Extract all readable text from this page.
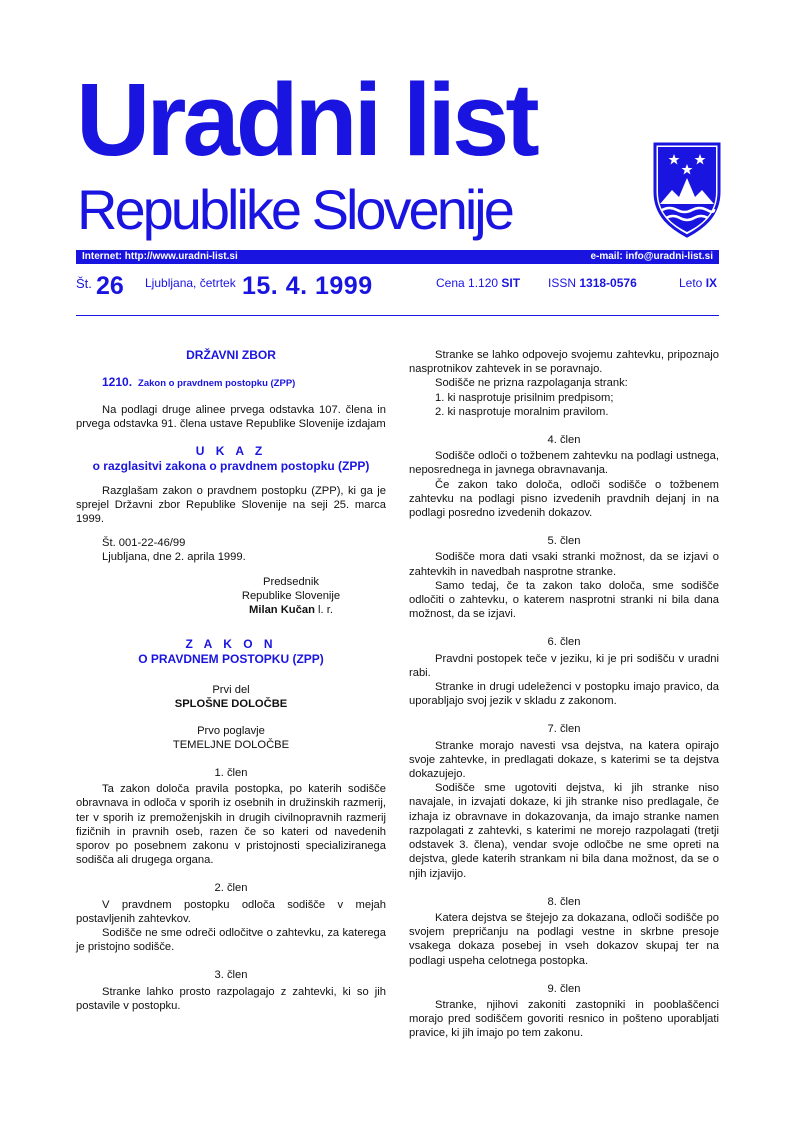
Uradni list
Republike Slovenije
Internet: http://www.uradni-list.si	e-mail: info@uradni-list.si
Št. 26 Ljubljana, četrtek 15. 4. 1999	Cena 1.120 SIT ISSN 1318-0576	Leto IX
DRŽAVNI ZBOR
1210. Zakon o pravdnem postopku (ZPP)
Na podlagi druge alinee prvega odstavka 107. člena in prvega odstavka 91. člena ustave Republike Slovenije izdajam
U K A Z
o razglasitvi zakona o pravdnem postopku (ZPP)
Razglašam zakon o pravdnem postopku (ZPP), ki ga je sprejel Državni zbor Republike Slovenije na seji 25. marca 1999.
Št. 001-22-46/99
Ljubljana, dne 2. aprila 1999.
Predsednik
Republike Slovenije
Milan Kučan l. r.
Z A K O N
O PRAVDNEM POSTOPKU (ZPP)
Prvi del
SPLOŠNE DOLOČBE
Prvo poglavje
TEMELJNE DOLOČBE
1. člen
Ta zakon določa pravila postopka, po katerih sodišče obravnava in odloča v sporih iz osebnih in družinskih razmerij, ter v sporih iz premoženjskih in drugih civilnopravnih razmerij fizičnih in pravnih oseb, razen če so kateri od navedenih sporov po posebnem zakonu v pristojnosti specializiranega sodišča ali drugega organa.
2. člen
V pravdnem postopku odloča sodišče v mejah postavljenih zahtevkov.
Sodišče ne sme odreči odločitve o zahtevku, za katerega je pristojno sodišče.
3. člen
Stranke lahko prosto razpolagajo z zahtevki, ki so jih postavile v postopku.
Stranke se lahko odpovejo svojemu zahtevku, pripoznajo nasprotnikov zahtevek in se poravnajo.
Sodišče ne prizna razpolaganja strank:
1. ki nasprotuje prisilnim predpisom;
2. ki nasprotuje moralnim pravilom.
4. člen
Sodišče odloči o tožbenem zahtevku na podlagi ustnega, neposrednega in javnega obravnavanja.
Če zakon tako določa, odloči sodišče o tožbenem zahtevku na podlagi pisno izvedenih pravdnih dejanj in na podlagi posredno izvedenih dokazov.
5. člen
Sodišče mora dati vsaki stranki možnost, da se izjavi o zahtevkih in navedbah nasprotne stranke.
Samo tedaj, če ta zakon tako določa, sme sodišče odločiti o zahtevku, o katerem nasprotni stranki ni bila dana možnost, da se izjavi.
6. člen
Pravdni postopek teče v jeziku, ki je pri sodišču v uradni rabi.
Stranke in drugi udeleženci v postopku imajo pravico, da uporabljajo svoj jezik v skladu z zakonom.
7. člen
Stranke morajo navesti vsa dejstva, na katera opirajo svoje zahtevke, in predlagati dokaze, s katerimi se ta dejstva dokazujejo.
Sodišče sme ugotoviti dejstva, ki jih stranke niso navajale, in izvajati dokaze, ki jih stranke niso predlagale, če izhaja iz obravnave in dokazovanja, da imajo stranke namen razpolagati z zahtevki, s katerimi ne morejo razpolagati (tretji odstavek 3. člena), vendar svoje odločbe ne sme opreti na dejstva, glede katerih strankam ni bila dana možnost, da se o njih izjavijo.
8. člen
Katera dejstva se štejejo za dokazana, odloči sodišče po svojem prepričanju na podlagi vestne in skrbne presoje vsakega dokaza posebej in vseh dokazov skupaj ter na podlagi uspeha celotnega postopka.
9. člen
Stranke, njihovi zakoniti zastopniki in pooblaščenci morajo pred sodiščem govoriti resnico in pošteno uporabljati pravice, ki jih imajo po tem zakonu.
